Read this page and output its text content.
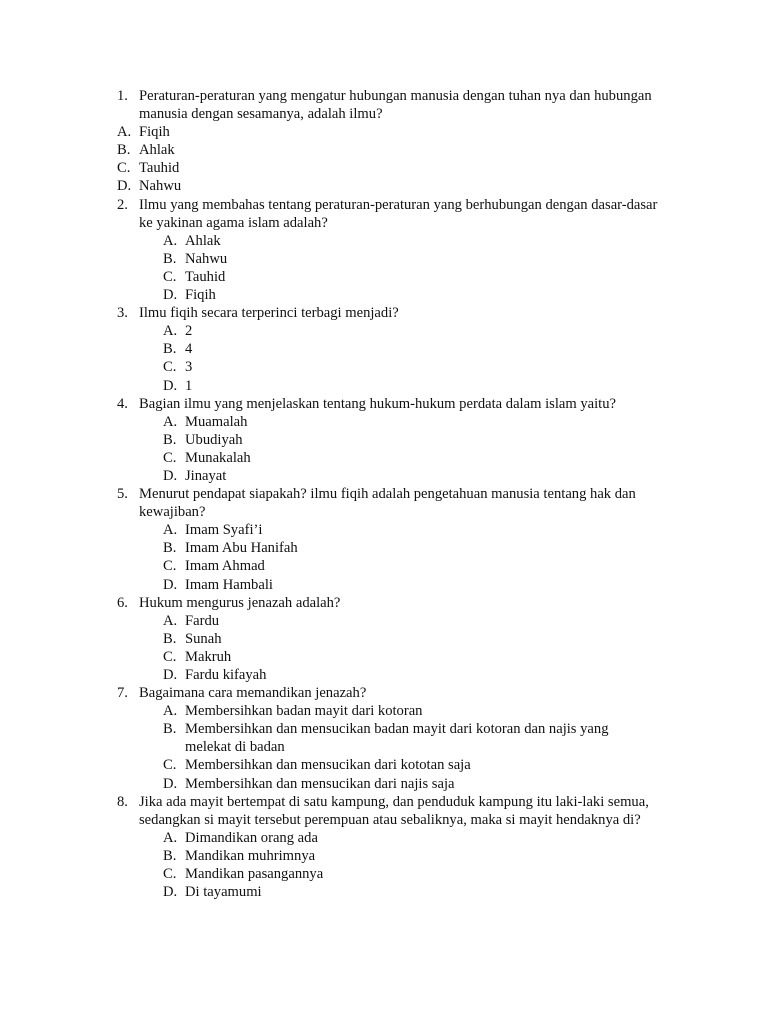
1. Peraturan-peraturan yang mengatur hubungan manusia dengan tuhan nya dan hubungan manusia dengan sesamanya, adalah ilmu?
A. Fiqih
B. Ahlak
C. Tauhid
D. Nahwu
2. Ilmu yang membahas tentang peraturan-peraturan yang berhubungan dengan dasar-dasar ke yakinan agama islam adalah?
A. Ahlak
B. Nahwu
C. Tauhid
D. Fiqih
3. Ilmu fiqih secara terperinci terbagi menjadi?
A. 2
B. 4
C. 3
D. 1
4. Bagian ilmu yang menjelaskan tentang hukum-hukum perdata dalam islam yaitu?
A. Muamalah
B. Ubudiyah
C. Munakalah
D. Jinayat
5. Menurut pendapat siapakah? ilmu fiqih adalah pengetahuan manusia tentang hak dan kewajiban?
A. Imam Syafi’i
B. Imam Abu Hanifah
C. Imam Ahmad
D. Imam Hambali
6. Hukum mengurus jenazah adalah?
A. Fardu
B. Sunah
C. Makruh
D. Fardu kifayah
7. Bagaimana cara memandikan jenazah?
A. Membersihkan badan mayit dari kotoran
B. Membersihkan dan mensucikan badan mayit dari kotoran dan najis yang melekat di badan
C. Membersihkan dan mensucikan dari kototan saja
D. Membersihkan dan mensucikan dari najis saja
8. Jika ada mayit bertempat di satu kampung, dan penduduk kampung itu laki-laki semua, sedangkan si mayit tersebut perempuan atau sebaliknya, maka si mayit hendaknya di?
A. Dimandikan orang ada
B. Mandikan muhrimnya
C. Mandikan pasangannya
D. Di tayamumi
